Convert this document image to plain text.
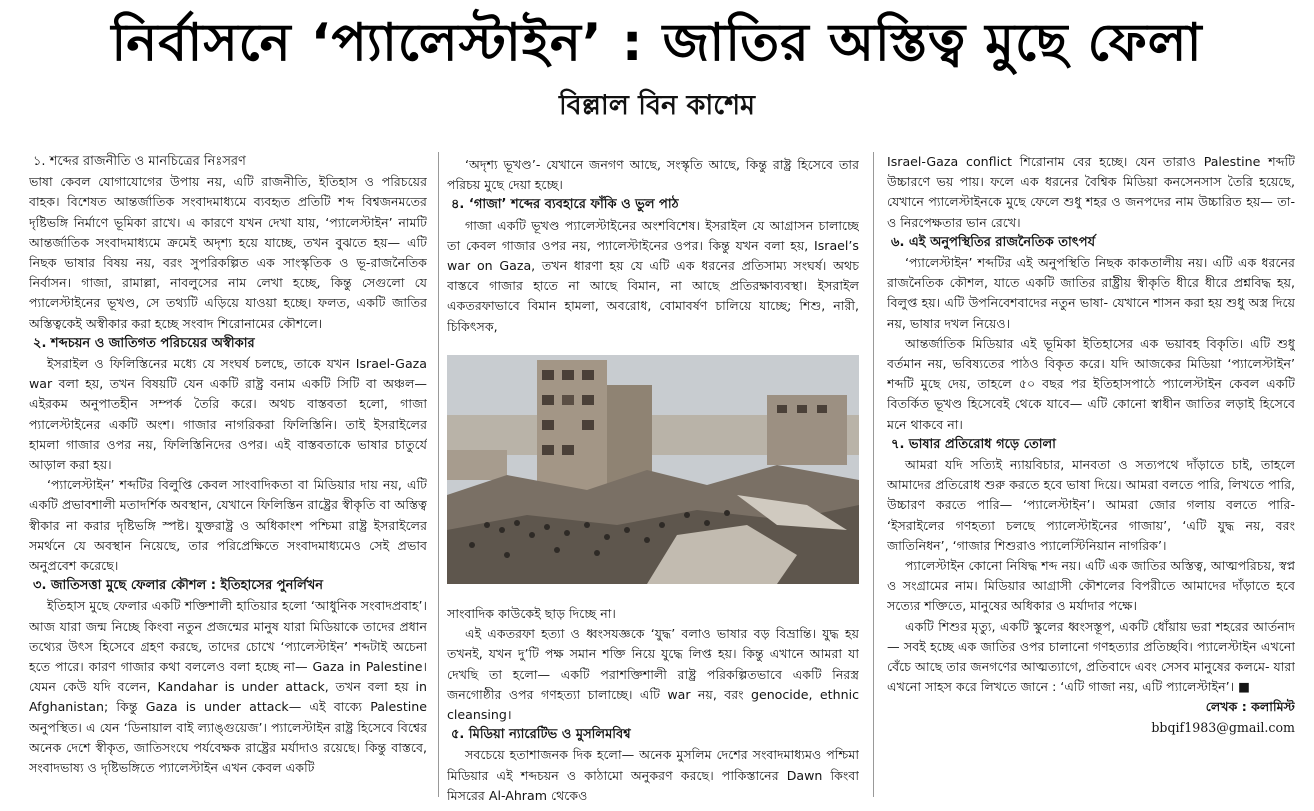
নির্বাসনে ‘প্যালেস্টাইন’ : জাতির অস্তিত্ব মুছে ফেলা
বিল্লাল বিন কাশেম
১. শব্দের রাজনীতি ও মানচিত্রের নিঃসরণ

ভাষা কেবল যোগাযোগের উপায় নয়, এটি রাজনীতি, ইতিহাস ও পরিচয়ের বাহক। বিশেষত আন্তর্জাতিক সংবাদমাধ্যমে ব্যবহৃত প্রতিটি শব্দ বিশ্বজনমতের দৃষ্টিভঙ্গি নির্মাণে ভূমিকা রাখে। এ কারণে যখন দেখা যায়, ‘প্যালেস্টাইন’ নামটি আন্তর্জাতিক সংবাদমাধ্যমে ক্রমেই অদৃশ্য হয়ে যাচ্ছে, তখন বুঝতে হয়— এটি নিছক ভাষার বিষয় নয়, বরং সুপরিকল্পিত এক সাংস্কৃতিক ও ভূ-রাজনৈতিক নির্বাসন। গাজা, রামাল্লা, নাবলুসের নাম লেখা হচ্ছে, কিন্তু সেগুলো যে প্যালেস্টাইনের ভূখণ্ড, সে তথ্যটি এড়িয়ে যাওয়া হচ্ছে। ফলত, একটি জাতির অস্তিত্বকেই অস্বীকার করা হচ্ছে সংবাদ শিরোনামের কৌশলে।

২. শব্দচয়ন ও জাতিগত পরিচয়ের অস্বীকার

ইসরাইল ও ফিলিস্তিনের মধ্যে যে সংঘর্ষ চলছে, তাকে যখন Israel-Gaza war বলা হয়, তখন বিষয়টি যেন একটি রাষ্ট্র বনাম একটি সিটি বা অঞ্চল— এইরকম অনুপাতহীন সম্পর্ক তৈরি করে। অথচ বাস্তবতা হলো, গাজা প্যালেস্টাইনের একটি অংশ। গাজার নাগরিকরা ফিলিস্তিনি। তাই ইসরাইলের হামলা গাজার ওপর নয়, ফিলিস্তিনিদের ওপর। এই বাস্তবতাকে ভাষার চাতুর্যে আড়াল করা হয়।

‘প্যালেস্টাইন’ শব্দটির বিলুপ্তি কেবল সাংবাদিকতা বা মিডিয়ার দায় নয়, এটি একটি প্রভাবশালী মতাদর্শিক অবস্থান, যেখানে ফিলিস্তিন রাষ্ট্রের স্বীকৃতি বা অস্তিত্ব স্বীকার না করার দৃষ্টিভঙ্গি স্পষ্ট। যুক্তরাষ্ট্র ও অধিকাংশ পশ্চিমা রাষ্ট্র ইসরাইলের সমর্থনে যে অবস্থান নিয়েছে, তার পরিপ্রেক্ষিতে সংবাদমাধ্যমেও সেই প্রভাব অনুপ্রবেশ করেছে।

৩. জাতিসত্তা মুছে ফেলার কৌশল : ইতিহাসের পুনর্লিখন

ইতিহাস মুছে ফেলার একটি শক্তিশালী হাতিয়ার হলো ‘আধুনিক সংবাদপ্রবাহ’। আজ যারা জন্ম নিচ্ছে কিংবা নতুন প্রজন্মের মানুষ যারা মিডিয়াকে তাদের প্রধান তথ্যের উৎস হিসেবে গ্রহণ করছে, তাদের চোখে ‘প্যালেস্টাইন’ শব্দটাই অচেনা হতে পারে। কারণ গাজার কথা বললেও বলা হচ্ছে না— Gaza in Palestine। যেমন কেউ যদি বলেন, Kandahar is under attack, তখন বলা হয় in Afghanistan; কিন্তু Gaza is under attack— এই বাক্যে Palestine অনুপস্থিত। এ যেন ‘ডিনায়াল বাই ল্যাঙ্গুয়েজ’। প্যালেস্টাইন রাষ্ট্র হিসেবে বিশ্বের অনেক দেশে স্বীকৃত, জাতিসংঘে পর্যবেক্ষক রাষ্ট্রের মর্যাদাও রয়েছে। কিন্তু বাস্তবে, সংবাদভাষ্য ও দৃষ্টিভঙ্গিতে প্যালেস্টাইন এখন কেবল একটি

‘অদৃশ্য ভূখণ্ড’- যেখানে জনগণ আছে, সংস্কৃতি আছে, কিন্তু রাষ্ট্র হিসেবে তার পরিচয় মুছে দেয়া হচ্ছে।

৪. ‘গাজা’ শব্দের ব্যবহারে ফাঁকি ও ভুল পাঠ

গাজা একটি ভূখণ্ড প্যালেস্টাইনের অংশবিশেষ। ইসরাইল যে আগ্রাসন চালাচ্ছে তা কেবল গাজার ওপর নয়, প্যালেস্টাইনের ওপর। কিন্তু যখন বলা হয়, Israel’s war on Gaza, তখন ধারণা হয় যে এটি এক ধরনের প্রতিসাম্য সংঘর্ষ। অথচ বাস্তবে গাজার হাতে না আছে বিমান, না আছে প্রতিরক্ষাব্যবস্থা। ইসরাইল একতরফাভাবে বিমান হামলা, অবরোধ, বোমাবর্ষণ চালিয়ে যাচ্ছে; শিশু, নারী, চিকিৎসক,

সাংবাদিক কাউকেই ছাড় দিচ্ছে না।

এই একতরফা হত্যা ও ধ্বংসযজ্ঞকে ‘যুদ্ধ’ বলাও ভাষার বড় বিভ্রান্তি। যুদ্ধ হয় তখনই, যখন দু’টি পক্ষ সমান শক্তি নিয়ে যুদ্ধে লিপ্ত হয়। কিন্তু এখানে আমরা যা দেখছি তা হলো— একটি পরাশক্তিশালী রাষ্ট্র পরিকল্পিতভাবে একটি নিরস্ত্র জনগোষ্ঠীর ওপর গণহত্যা চালাচ্ছে। এটি war নয়, বরং genocide, ethnic cleansing।

৫. মিডিয়া ন্যারেটিভ ও মুসলিমবিশ্ব

সবচেয়ে হতাশাজনক দিক হলো— অনেক মুসলিম দেশের সংবাদমাধ্যমও পশ্চিমা মিডিয়ার এই শব্দচয়ন ও কাঠামো অনুকরণ করছে। পাকিস্তানের Dawn কিংবা মিসরের Al-Ahram থেকেও

Israel-Gaza conflict শিরোনাম বের হচ্ছে। যেন তারাও Palestine শব্দটি উচ্চারণে ভয় পায়। ফলে এক ধরনের বৈশ্বিক মিডিয়া কনসেনসাস তৈরি হয়েছে, যেখানে প্যালেস্টাইনকে মুছে ফেলে শুধু শহর ও জনপদের নাম উচ্চারিত হয়— তা-ও নিরপেক্ষতার ভান রেখে।

৬. এই অনুপস্থিতির রাজনৈতিক তাৎপর্য

‘প্যালেস্টাইন’ শব্দটির এই অনুপস্থিতি নিছক কাকতালীয় নয়। এটি এক ধরনের রাজনৈতিক কৌশল, যাতে একটি জাতির রাষ্ট্রীয় স্বীকৃতি ধীরে ধীরে প্রশ্নবিদ্ধ হয়, বিলুপ্ত হয়। এটি উপনিবেশবাদের নতুন ভাষা- যেখানে শাসন করা হয় শুধু অস্ত্র দিয়ে নয়, ভাষার দখল নিয়েও।

আন্তর্জাতিক মিডিয়ার এই ভূমিকা ইতিহাসের এক ভয়াবহ বিকৃতি। এটি শুধু বর্তমান নয়, ভবিষ্যতের পাঠও বিকৃত করে। যদি আজকের মিডিয়া ‘প্যালেস্টাইন’ শব্দটি মুছে দেয়, তাহলে ৫০ বছর পর ইতিহাসপাঠে প্যালেস্টাইন কেবল একটি বিতর্কিত ভূখণ্ড হিসেবেই থেকে যাবে— এটি কোনো স্বাধীন জাতির লড়াই হিসেবে মনে থাকবে না।

৭. ভাষার প্রতিরোধ গড়ে তোলা

আমরা যদি সত্যিই ন্যায়বিচার, মানবতা ও সত্যপথে দাঁড়াতে চাই, তাহলে আমাদের প্রতিরোধ শুরু করতে হবে ভাষা দিয়ে। আমরা বলতে পারি, লিখতে পারি, উচ্চারণ করতে পারি— ‘প্যালেস্টাইন’। আমরা জোর গলায় বলতে পারি- ‘ইসরাইলের গণহত্যা চলছে প্যালেস্টাইনের গাজায়’, ‘এটি যুদ্ধ নয়, বরং জাতিনিধন’, ‘গাজার শিশুরাও প্যালেস্টিনিয়ান নাগরিক’।

প্যালেস্টাইন কোনো নিষিদ্ধ শব্দ নয়। এটি এক জাতির অস্তিত্ব, আত্মপরিচয়, স্বপ্ন ও সংগ্রামের নাম। মিডিয়ার আগ্রাসী কৌশলের বিপরীতে আমাদের দাঁড়াতে হবে সত্যের শক্তিতে, মানুষের অধিকার ও মর্যাদার পক্ষে।

একটি শিশুর মৃত্যু, একটি স্কুলের ধ্বংসস্তূপ, একটি ধোঁয়ায় ভরা শহরের আর্তনাদ— সবই হচ্ছে এক জাতির ওপর চালানো গণহত্যার প্রতিচ্ছবি। প্যালেস্টাইন এখনো বেঁচে আছে তার জনগণের আত্মত্যাগে, প্রতিবাদে এবং সেসব মানুষের কলমে- যারা এখনো সাহস করে লিখতে জানে : ‘এটি গাজা নয়, এটি প্যালেস্টাইন’। ■

লেখক : কলামিস্ট
bbqif1983@gmail.com
